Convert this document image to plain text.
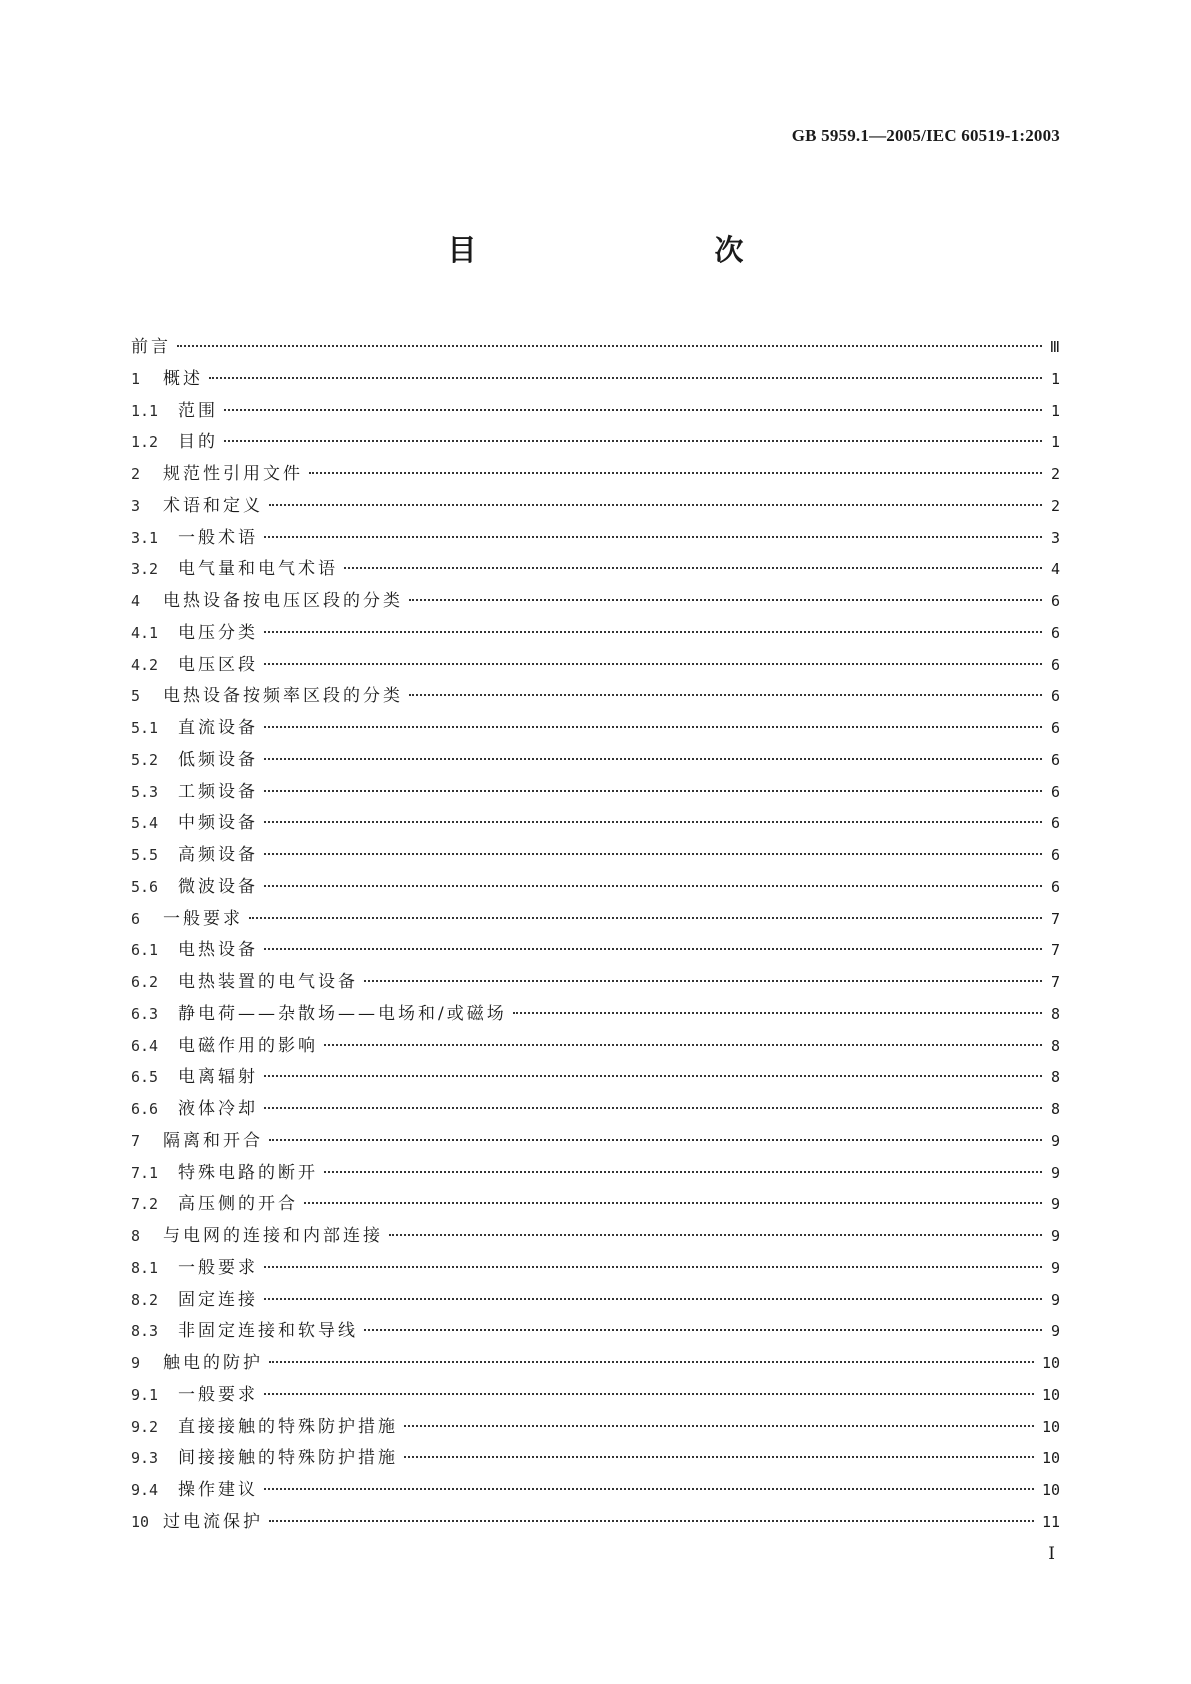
GB 5959.1—2005/IEC 60519-1:2003
目　　次
前言	Ⅲ
1	概述	1
1.1	范围	1
1.2	目的	1
2	规范性引用文件	2
3	术语和定义	2
3.1	一般术语	3
3.2	电气量和电气术语	4
4	电热设备按电压区段的分类	6
4.1	电压分类	6
4.2	电压区段	6
5	电热设备按频率区段的分类	6
5.1	直流设备	6
5.2	低频设备	6
5.3	工频设备	6
5.4	中频设备	6
5.5	高频设备	6
5.6	微波设备	6
6	一般要求	7
6.1	电热设备	7
6.2	电热装置的电气设备	7
6.3	静电荷——杂散场——电场和/或磁场	8
6.4	电磁作用的影响	8
6.5	电离辐射	8
6.6	液体冷却	8
7	隔离和开合	9
7.1	特殊电路的断开	9
7.2	高压侧的开合	9
8	与电网的连接和内部连接	9
8.1	一般要求	9
8.2	固定连接	9
8.3	非固定连接和软导线	9
9	触电的防护	10
9.1	一般要求	10
9.2	直接接触的特殊防护措施	10
9.3	间接接触的特殊防护措施	10
9.4	操作建议	10
10 过电流保护	11
Ⅰ
